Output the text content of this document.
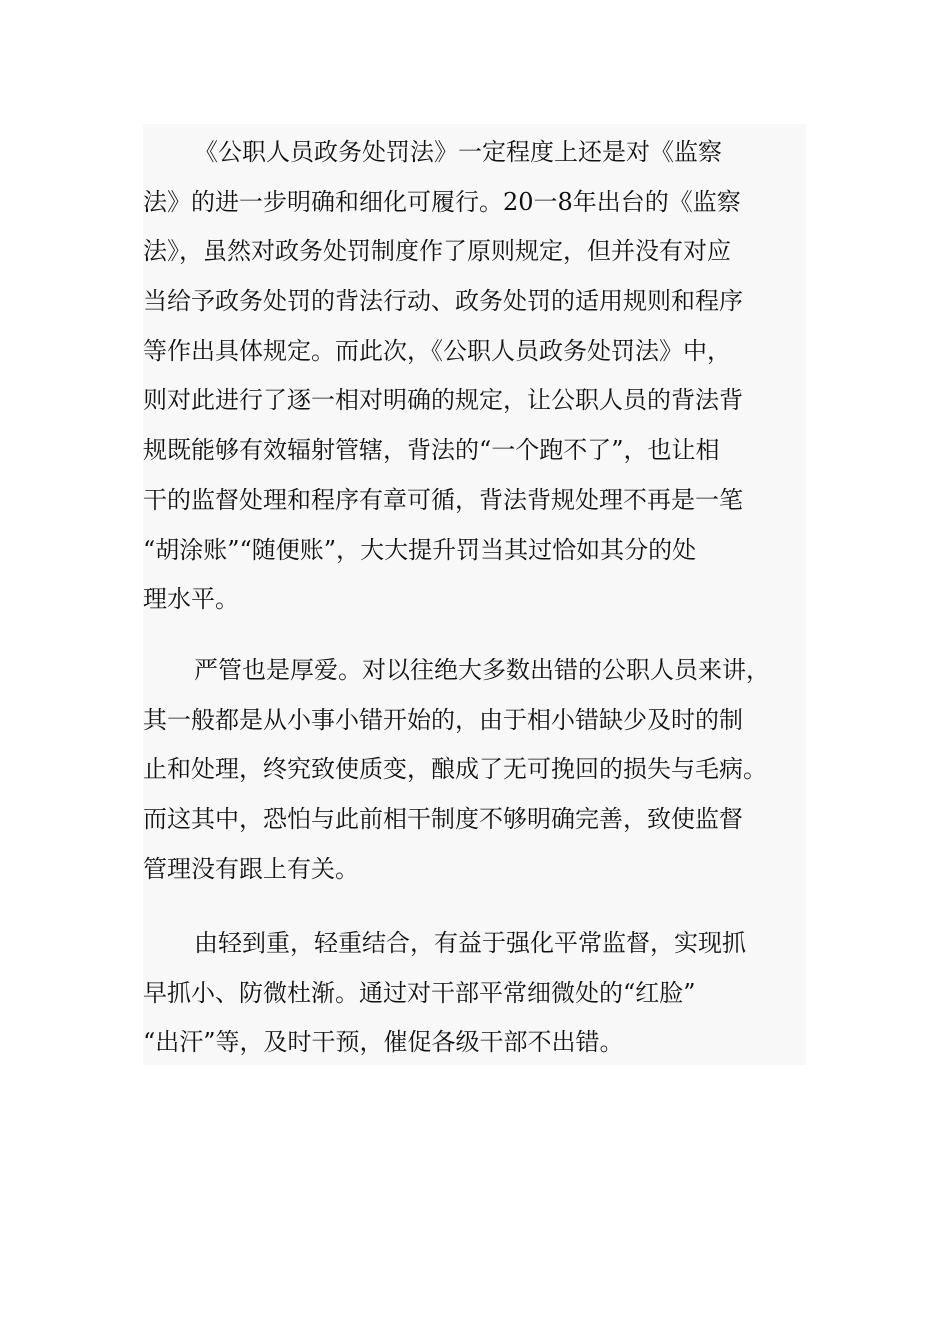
《公职人员政务处罚法》一定程度上还是对《监察
法》的进一步明确和细化可履行。20一8年出台的《监察
法》，虽然对政务处罚制度作了原则规定，但并没有对应
当给予政务处罚的背法行动、政务处罚的适用规则和程序
等作出具体规定。而此次，《公职人员政务处罚法》中，
则对此进行了逐一相对明确的规定，让公职人员的背法背
规既能够有效辐射管辖，背法的“一个跑不了”，也让相
干的监督处理和程序有章可循，背法背规处理不再是一笔
“胡涂账”“随便账”，大大提升罚当其过恰如其分的处
理水平。
严管也是厚爱。对以往绝大多数出错的公职人员来讲，
其一般都是从小事小错开始的，由于相小错缺少及时的制
止和处理，终究致使质变，酿成了无可挽回的损失与毛病。
而这其中，恐怕与此前相干制度不够明确完善，致使监督
管理没有跟上有关。
由轻到重，轻重结合，有益于强化平常监督，实现抓
早抓小、防微杜渐。通过对干部平常细微处的“红脸”
“出汗”等，及时干预，催促各级干部不出错。
